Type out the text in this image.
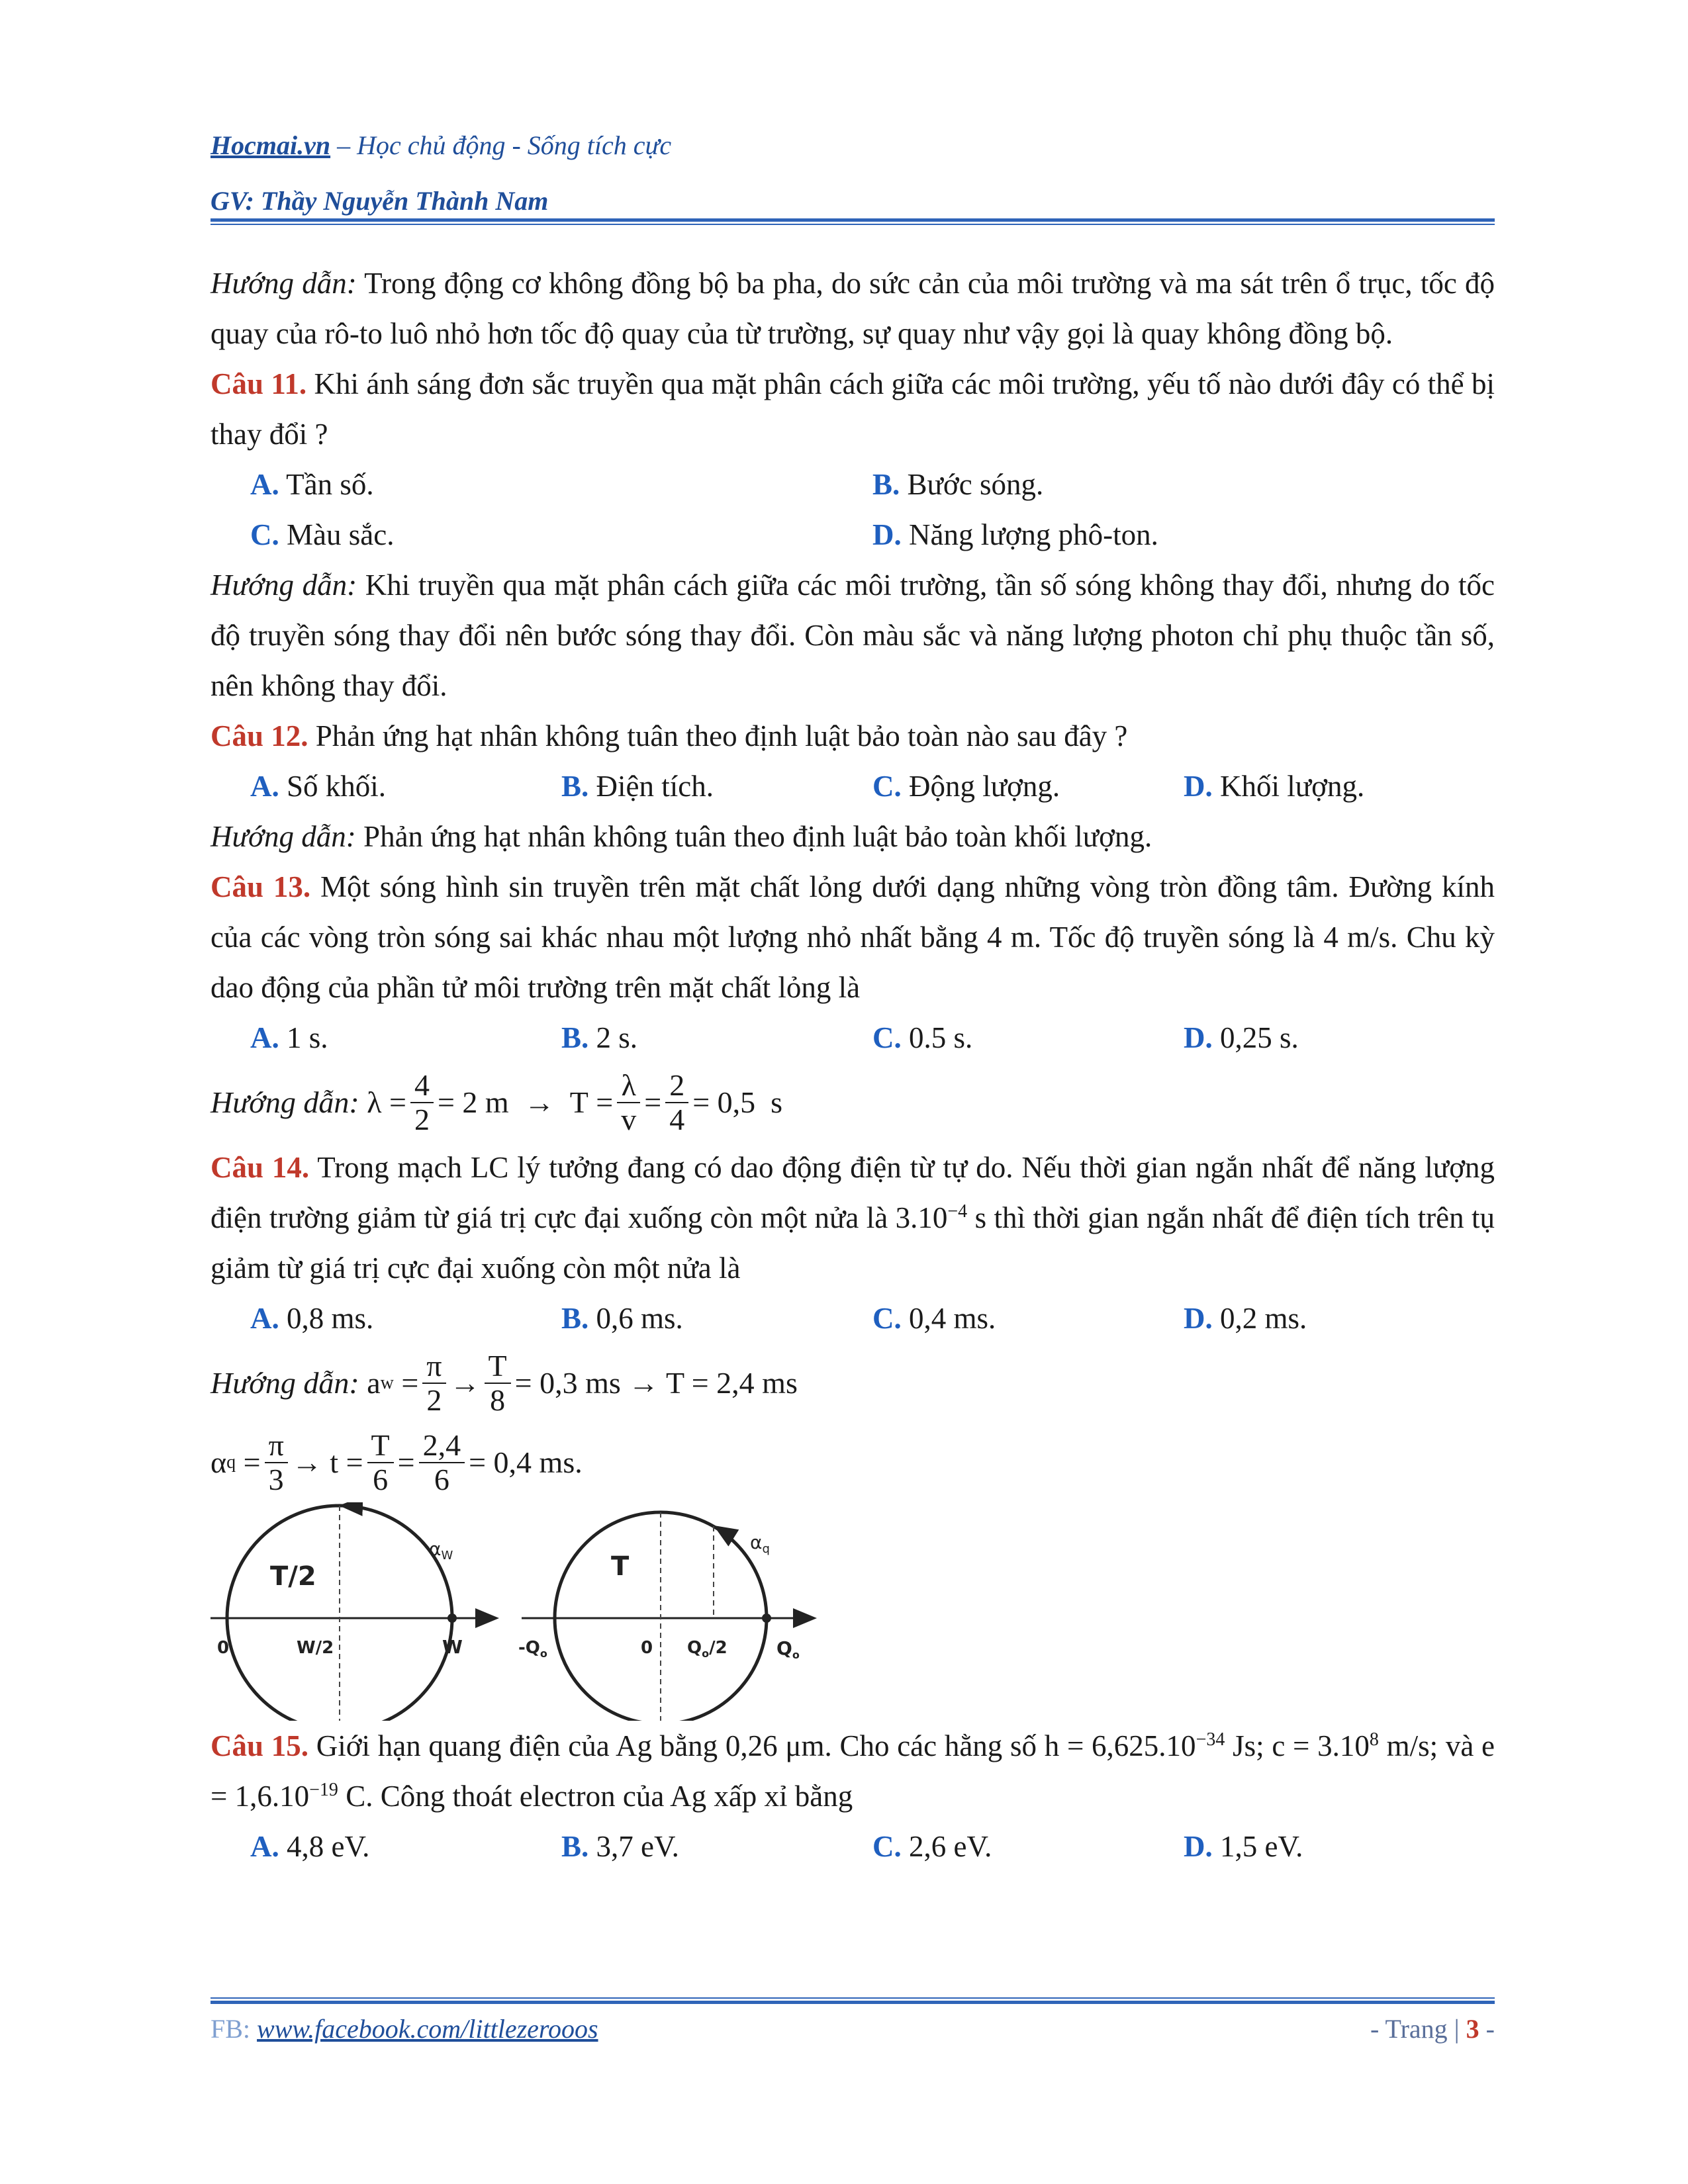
Hocmai.vn – Học chủ động - Sống tích cực
GV: Thầy Nguyễn Thành Nam

Hướng dẫn: Trong động cơ không đồng bộ ba pha, do sức cản của môi trường và ma sát trên ổ trục, tốc độ quay của rô-to luô nhỏ hơn tốc độ quay của từ trường, sự quay như vậy gọi là quay không đồng bộ.

Câu 11. Khi ánh sáng đơn sắc truyền qua mặt phân cách giữa các môi trường, yếu tố nào dưới đây có thể bị thay đổi ?

A. Tần số.	B. Bước sóng.
C. Màu sắc.	D. Năng lượng phô-ton.

Hướng dẫn: Khi truyền qua mặt phân cách giữa các môi trường, tần số sóng không thay đổi, nhưng do tốc độ truyền sóng thay đổi nên bước sóng thay đổi. Còn màu sắc và năng lượng photon chỉ phụ thuộc tần số, nên không thay đổi.

Câu 12. Phản ứng hạt nhân không tuân theo định luật bảo toàn nào sau đây ?

A. Số khối.	B. Điện tích.	C. Động lượng.	D. Khối lượng.

Hướng dẫn: Phản ứng hạt nhân không tuân theo định luật bảo toàn khối lượng.

Câu 13. Một sóng hình sin truyền trên mặt chất lỏng dưới dạng những vòng tròn đồng tâm. Đường kính của các vòng tròn sóng sai khác nhau một lượng nhỏ nhất bằng 4 m. Tốc độ truyền sóng là 4 m/s. Chu kỳ dao động của phần tử môi trường trên mặt chất lỏng là

A. 1 s.	B. 2 s.	C. 0.5 s.	D. 0,25 s.
Hướng dẫn:
λ
= $\frac{4}{2}$ =
2 m
→
T
= $\frac{\lambda}{v} = \frac{2}{4}$ =
0,5  s

Câu 14. Trong mạch LC lý tưởng đang có dao động điện từ tự do. Nếu thời gian ngắn nhất để năng lượng điện trường giảm từ giá trị cực đại xuống còn một nửa là $3.10^{-4}$ s thì thời gian ngắn nhất để điện tích trên tụ giảm từ giá trị cực đại xuống còn một nửa là

A. 0,8 ms.	B. 0,6 ms.	C. 0,4 ms.	D. 0,2 ms.
Hướng dẫn:
a w
= $\frac{\pi}{2} \to \frac{T}{8}$ =
0,3 ms
→ T = 2,4 ms
α q
= $\frac{\pi}{3}$ →
t
= $\frac{T}{6} = \frac{2,4}{6}$ =
0,4 ms .
T/2
0	W/2	W
$\alpha_W$	T
$-Q_o$	0 $Q_o/2$	$Q_o$
$\alpha_q$

Câu 15. Giới hạn quang điện của Ag bằng 0,26 μm. Cho các hằng số $h = 6,625.10^{-34}$ Js; $c = 3.10^8$ m/s; và $e = 1,6.10^{-19}$ C. Công thoát electron của Ag xấp xỉ bằng

A. 4,8 eV.	B. 3,7 eV.	C. 2,6 eV.	D. 1,5 eV.
FB: www.facebook.com/littlezerooos	- Trang | 3 -
